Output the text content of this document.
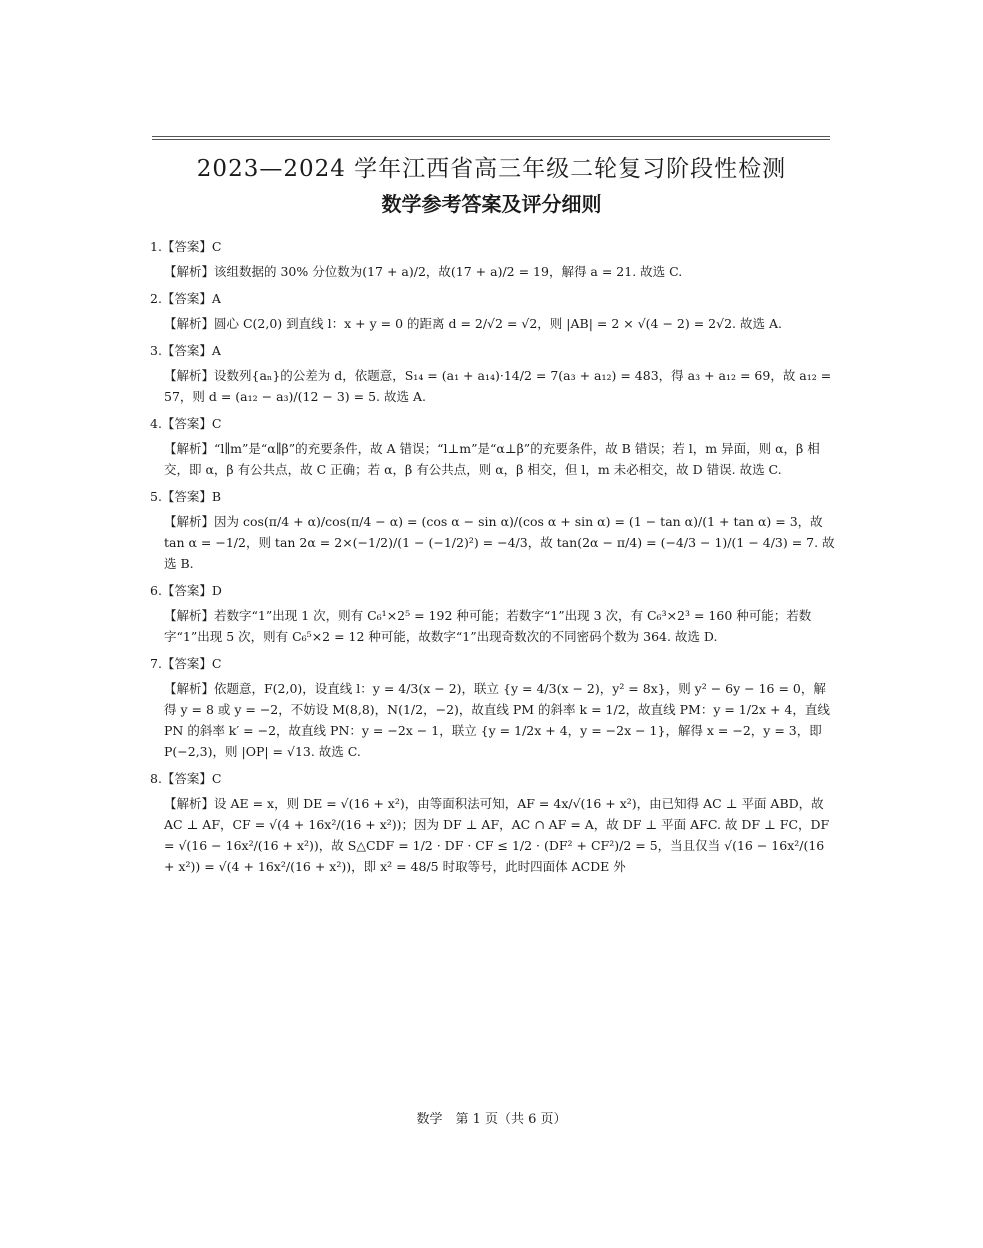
2023—2024 学年江西省高三年级二轮复习阶段性检测
数学参考答案及评分细则

1.【答案】C

【解析】该组数据的 30% 分位数为(17 + a)/2，故(17 + a)/2 = 19，解得 a = 21. 故选 C.

2.【答案】A

【解析】圆心 C(2,0) 到直线 l：x + y = 0 的距离 d = 2/√2 = √2，则 |AB| = 2 × √(4 − 2) = 2√2. 故选 A.

3.【答案】A

【解析】设数列{aₙ}的公差为 d，依题意，S₁₄ = (a₁ + a₁₄)·14/2 = 7(a₃ + a₁₂) = 483，得 a₃ + a₁₂ = 69，故 a₁₂ = 57，则 d = (a₁₂ − a₃)/(12 − 3) = 5. 故选 A.

4.【答案】C

【解析】“l∥m”是“α∥β”的充要条件，故 A 错误；“l⊥m”是“α⊥β”的充要条件，故 B 错误；若 l，m 异面，则 α，β 相交，即 α，β 有公共点，故 C 正确；若 α，β 有公共点，则 α，β 相交，但 l，m 未必相交，故 D 错误. 故选 C.

5.【答案】B

【解析】因为 cos(π/4 + α)/cos(π/4 − α) = (cos α − sin α)/(cos α + sin α) = (1 − tan α)/(1 + tan α) = 3，故 tan α = −1/2，则 tan 2α = 2×(−1/2)/(1 − (−1/2)²) = −4/3，故 tan(2α − π/4) = (−4/3 − 1)/(1 − 4/3) = 7. 故选 B.

6.【答案】D

【解析】若数字“1”出现 1 次，则有 C₆¹×2⁵ = 192 种可能；若数字“1”出现 3 次，有 C₆³×2³ = 160 种可能；若数字“1”出现 5 次，则有 C₆⁵×2 = 12 种可能，故数字“1”出现奇数次的不同密码个数为 364. 故选 D.

7.【答案】C

【解析】依题意，F(2,0)，设直线 l：y = 4/3(x − 2)，联立 {y = 4/3(x − 2)，y² = 8x}，则 y² − 6y − 16 = 0，解得 y = 8 或 y = −2，不妨设 M(8,8)，N(1/2，−2)，故直线 PM 的斜率 k = 1/2，故直线 PM：y = 1/2x + 4，直线 PN 的斜率 k′ = −2，故直线 PN：y = −2x − 1，联立 {y = 1/2x + 4，y = −2x − 1}，解得 x = −2，y = 3，即 P(−2,3)，则 |OP| = √13. 故选 C.

8.【答案】C

【解析】设 AE = x，则 DE = √(16 + x²)，由等面积法可知，AF = 4x/√(16 + x²)，由已知得 AC ⊥ 平面 ABD，故 AC ⊥ AF，CF = √(4 + 16x²/(16 + x²))；因为 DF ⊥ AF，AC ∩ AF = A，故 DF ⊥ 平面 AFC. 故 DF ⊥ FC，DF = √(16 − 16x²/(16 + x²))，故 S△CDF = 1/2 · DF · CF ≤ 1/2 · (DF² + CF²)/2 = 5，当且仅当 √(16 − 16x²/(16 + x²)) = √(4 + 16x²/(16 + x²))，即 x² = 48/5 时取等号，此时四面体 ACDE 外

数学　第 1 页（共 6 页）
